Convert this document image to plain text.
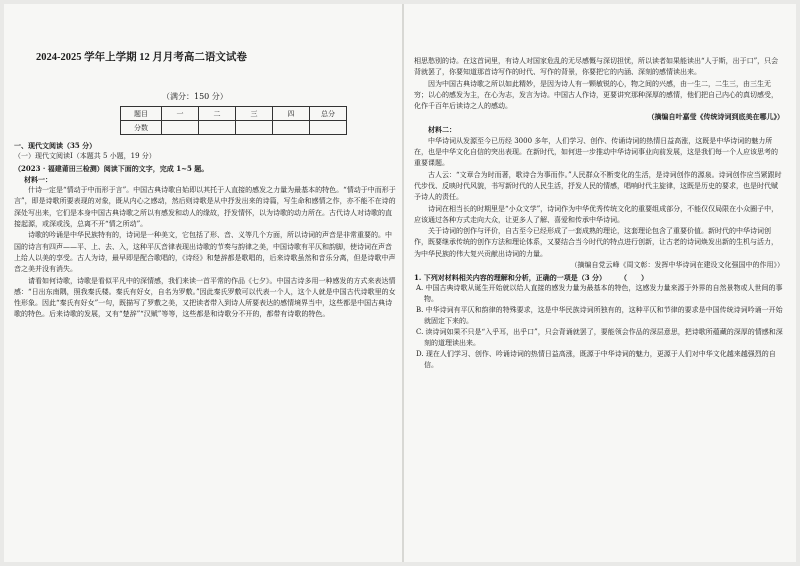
2024-2025 学年上学期 12 月月考高二语文试卷

（满分：150 分）

题目	一	二	三	四	总分
分数					

一、现代文阅读（35 分）

（一）现代文阅读Ⅰ（本题共 5 小题，19 分）

（2023 · 福建莆田三检测）阅读下面的文字，完成 1~5 题。

材料一：

什诗一定是“情动于中而形于言”。中国古典诗歌自始即以其托于人直接的感发之力量为最基本的特色。“情动于中而形于言”，即是诗歌所要表现的对象，既从内心之感动，然后则诗歌是从中抒发出来的诗篇，写生命和感情之作，亦不能不在诗的深处写出来，它们是本身中国古典诗歌之所以有感发和动人的缘故，抒发情怀，以为诗歌的动力所在。古代诗人对诗歌的直接起源，或深或浅，总离不开“情之所动”。

诗歌的吟诵是中华民族特有的，诗词是一种美文，它包括了形、音、义等几个方面，所以诗词的声音是非常重要的。中国的诗言有四声——平、上、去、入，这种平仄音律表现出诗歌的节奏与韵律之美，中国诗歌有平仄和韵脚，使诗词在声音上给人以美的享受。古人为诗，最早即是配合歌唱的，《诗经》和楚辞都是歌唱的，后来诗歌虽然和音乐分离，但是诗歌中声音之美并没有消失。

请看如何诗歌，诗歌是看似平凡中的深情感，我们来读一首平常的作品《七夕》。中国古诗多用一种感发的方式来表达情感：“日出东南隅，照我秦氏楼。秦氏有好女，自名为罗敷。”因此秦氏罗敷可以代表一个人，这个人就是中国古代诗歌里的女性形象。因此“秦氏有好女”一句，既描写了罗敷之美，又把读者带入到诗人所要表达的感情境界当中，这些都是中国古典诗歌的特色。后来诗歌的发展，又有“楚辞”“汉赋”等等，这些都是和诗歌分不开的，都带有诗歌的特色。

相思愁别的诗。在这首词里，有诗人对国家危乱的无尽感慨与深切担忧，所以读者如果能读出“人于斯，出于口”，只会背就罢了，你要知道那首诗写作的时代、写作的背景，你要把它的内涵、深刻的感情读出来。

因为中国古典诗歌之所以如此精妙，是因为诗人有一颗敏锐的心，物之间的兴感，由一生二，二生三，由三生无穷；以心的感发为主，在心为志，发言为诗。中国古人作诗，更要讲究那种深厚的感情，他们把自己内心的真切感受，化作千百年后读诗之人的感动。

（摘编自叶嘉莹《传统诗词到底美在哪儿》）

材料二：

中华诗词从发源至今已历经 3000 多年，人们学习、创作、传诵诗词的热情日益高涨，这既是中华诗词的魅力所在，也是中华文化自信的突出表现。在新时代，如何进一步推动中华诗词事业向前发展，这是我们每一个人应该思考的重要课题。

古人云：“文章合为时而著，歌诗合为事而作。”人民群众不断变化的生活，是诗词创作的源泉。诗词创作应当紧跟时代步伐、反映时代风貌，书写新时代的人民生活，抒发人民的情感，唱响时代主旋律，这既是历史的要求，也是时代赋予诗人的责任。

诗词在相当长的时期里是“小众文学”，诗词作为中华优秀传统文化的重要组成部分，不能仅仅局限在小众圈子中，应该通过各种方式走向大众，让更多人了解、喜爱和传承中华诗词。

关于诗词的创作与评价，自古至今已经形成了一套成熟的理论，这套理论包含了重要价值。新时代的中华诗词创作，既要继承传统的创作方法和理论体系，又要结合当今时代的特点进行创新，让古老的诗词焕发出新的生机与活力，为中华民族的伟大复兴贡献出诗词的力量。

（摘编自党云峰《周文彰：发挥中华诗词在建设文化强国中的作用》）

1. 下列对材料相关内容的理解和分析，正确的一项是（3 分）　　　（　　）

A. 中国古典诗歌从诞生开始就以给人直接的感发力量为最基本的特色，这感发力量来源于外界的自然景物或人世间的事物。

B. 中华诗词有平仄和韵律的特殊要求，这是中华民族诗词所独有的，这种平仄和节律的要求是中国传统诗词吟诵一开始就固定下来的。

C. 读诗词如果不只是“入乎耳，出乎口”，只会背诵就罢了，要能领会作品的深层意思，把诗歌所蕴藏的深厚的情感和深刻的道理读出来。

D. 现在人们学习、创作、吟诵诗词的热情日益高涨，既源于中华诗词的魅力，更源于人们对中华文化越来越强烈的自信。
